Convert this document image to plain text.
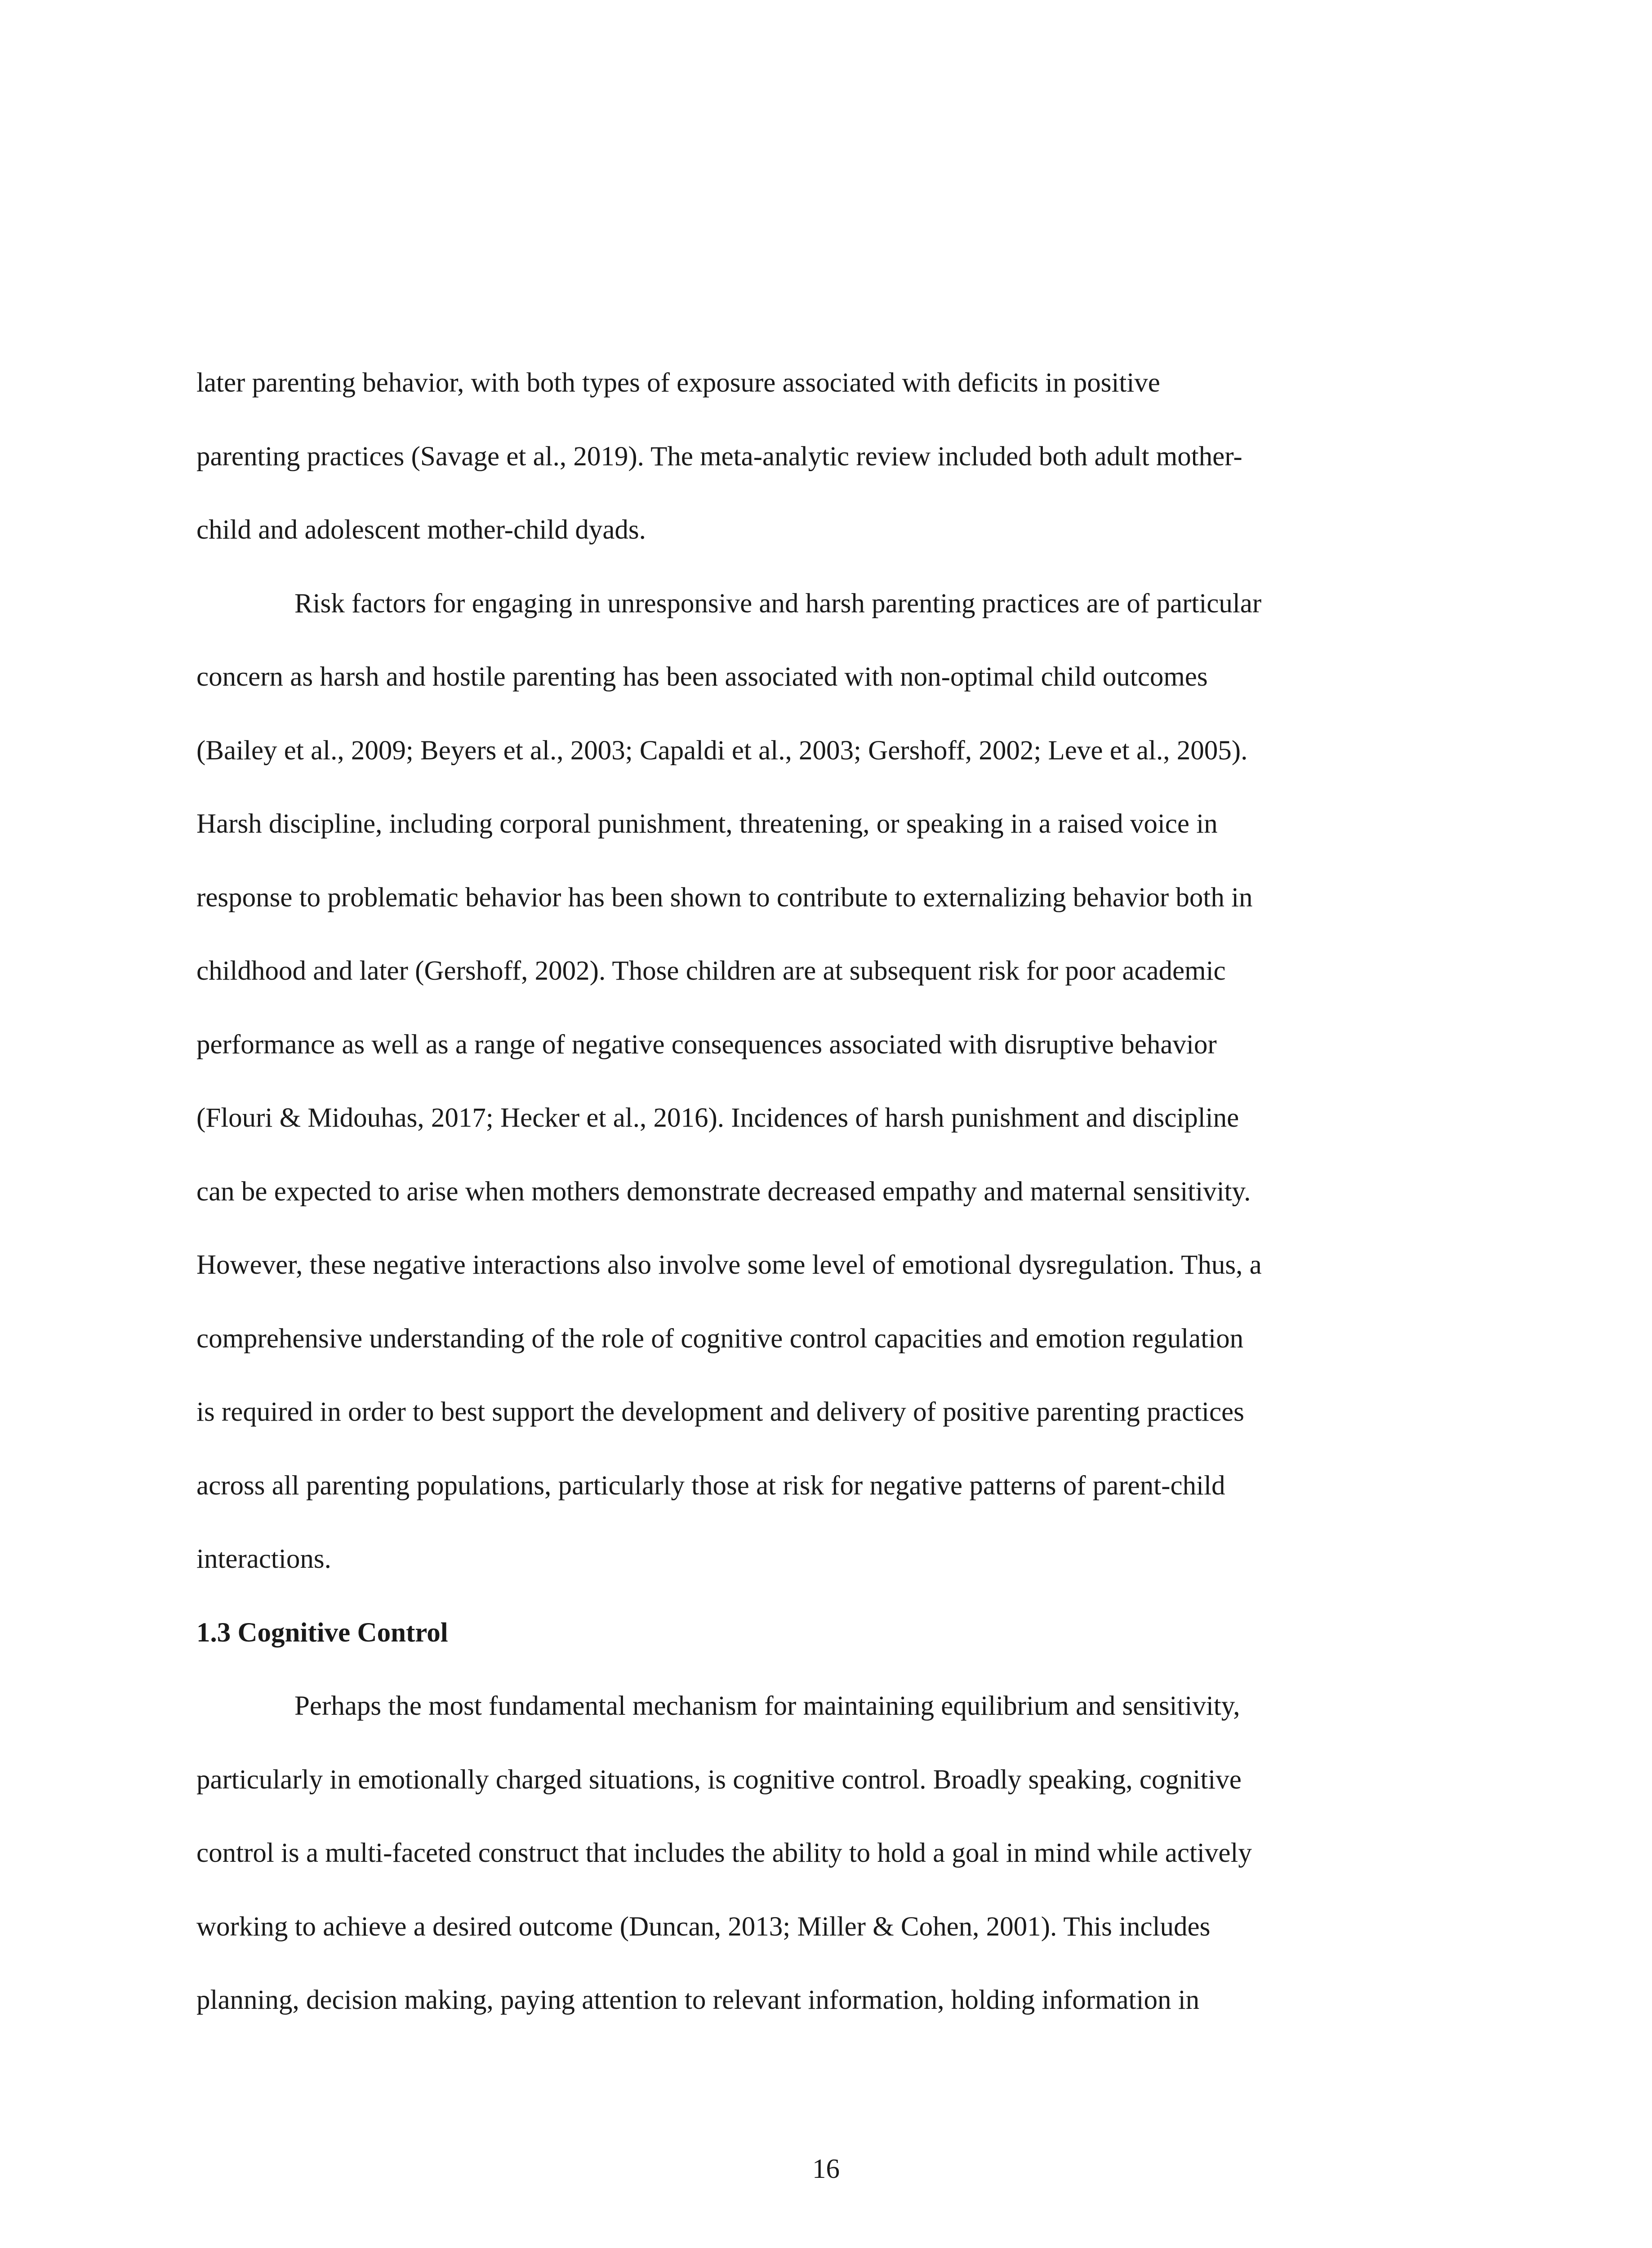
later parenting behavior, with both types of exposure associated with deficits in positive
parenting practices (Savage et al., 2019). The meta-analytic review included both adult mother-
child and adolescent mother-child dyads.
Risk factors for engaging in unresponsive and harsh parenting practices are of particular
concern as harsh and hostile parenting has been associated with non-optimal child outcomes
(Bailey et al., 2009; Beyers et al., 2003; Capaldi et al., 2003; Gershoff, 2002; Leve et al., 2005).
Harsh discipline, including corporal punishment, threatening, or speaking in a raised voice in
response to problematic behavior has been shown to contribute to externalizing behavior both in
childhood and later (Gershoff, 2002). Those children are at subsequent risk for poor academic
performance as well as a range of negative consequences associated with disruptive behavior
(Flouri & Midouhas, 2017; Hecker et al., 2016). Incidences of harsh punishment and discipline
can be expected to arise when mothers demonstrate decreased empathy and maternal sensitivity.
However, these negative interactions also involve some level of emotional dysregulation. Thus, a
comprehensive understanding of the role of cognitive control capacities and emotion regulation
is required in order to best support the development and delivery of positive parenting practices
across all parenting populations, particularly those at risk for negative patterns of parent-child
interactions.
1.3 Cognitive Control
Perhaps the most fundamental mechanism for maintaining equilibrium and sensitivity,
particularly in emotionally charged situations, is cognitive control. Broadly speaking, cognitive
control is a multi-faceted construct that includes the ability to hold a goal in mind while actively
working to achieve a desired outcome (Duncan, 2013; Miller & Cohen, 2001). This includes
planning, decision making, paying attention to relevant information, holding information in
16
